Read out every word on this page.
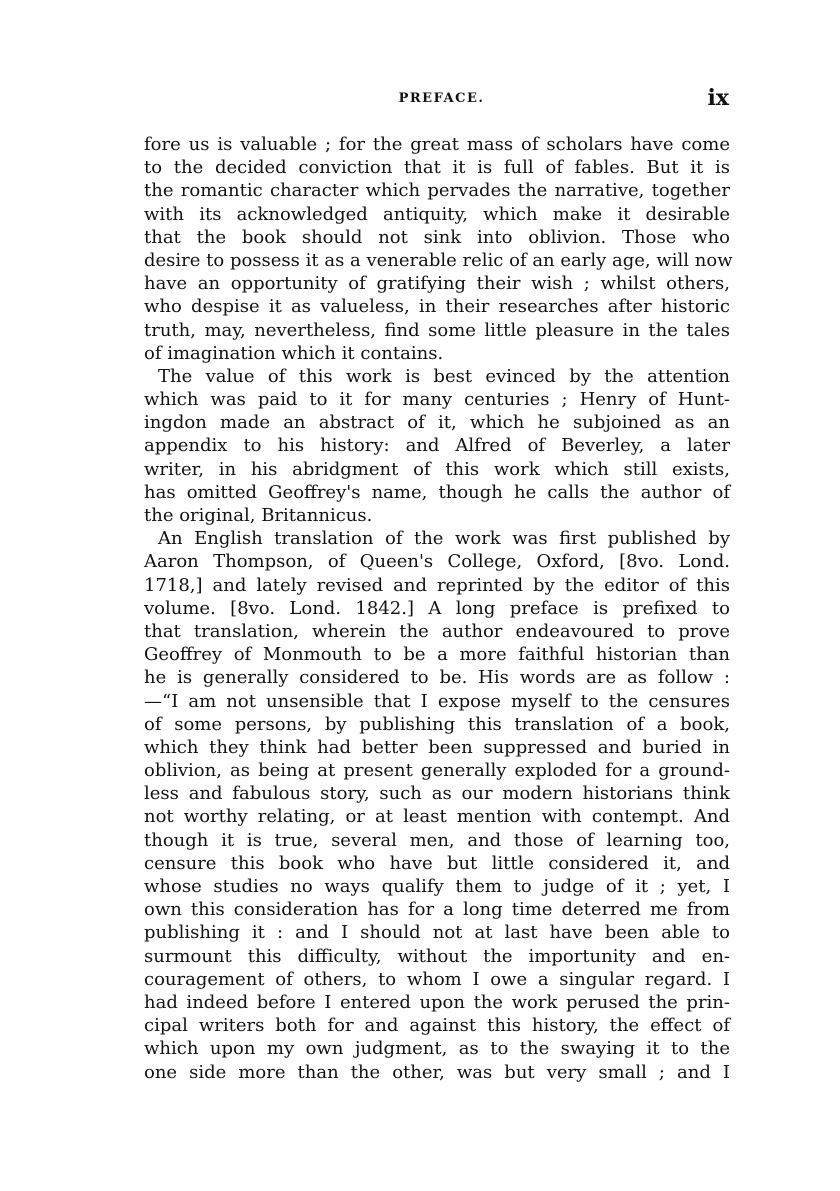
PREFACE.	ix
fore us is valuable ; for the great mass of scholars have come
to the decided conviction that it is full of fables. But it is
the romantic character which pervades the narrative, together
with its acknowledged antiquity, which make it desirable
that the book should not sink into oblivion. Those who
desire to possess it as a venerable relic of an early age, will now
have an opportunity of gratifying their wish ; whilst others,
who despise it as valueless, in their researches after historic
truth, may, nevertheless, find some little pleasure in the tales
of imagination which it contains.
The value of this work is best evinced by the attention
which was paid to it for many centuries ; Henry of Hunt-
ingdon made an abstract of it, which he subjoined as an
appendix to his history: and Alfred of Beverley, a later
writer, in his abridgment of this work which still exists,
has omitted Geoffrey's name, though he calls the author of
the original, Britannicus.
An English translation of the work was first published by
Aaron Thompson, of Queen's College, Oxford, [8vo. Lond.
1718,] and lately revised and reprinted by the editor of this
volume. [8vo. Lond. 1842.] A long preface is prefixed to
that translation, wherein the author endeavoured to prove
Geoffrey of Monmouth to be a more faithful historian than
he is generally considered to be. His words are as follow :
—“I am not unsensible that I expose myself to the censures
of some persons, by publishing this translation of a book,
which they think had better been suppressed and buried in
oblivion, as being at present generally exploded for a ground-
less and fabulous story, such as our modern historians think
not worthy relating, or at least mention with contempt. And
though it is true, several men, and those of learning too,
censure this book who have but little considered it, and
whose studies no ways qualify them to judge of it ; yet, I
own this consideration has for a long time deterred me from
publishing it : and I should not at last have been able to
surmount this difficulty, without the importunity and en-
couragement of others, to whom I owe a singular regard. I
had indeed before I entered upon the work perused the prin-
cipal writers both for and against this history, the effect of
which upon my own judgment, as to the swaying it to the
one side more than the other, was but very small ; and I
